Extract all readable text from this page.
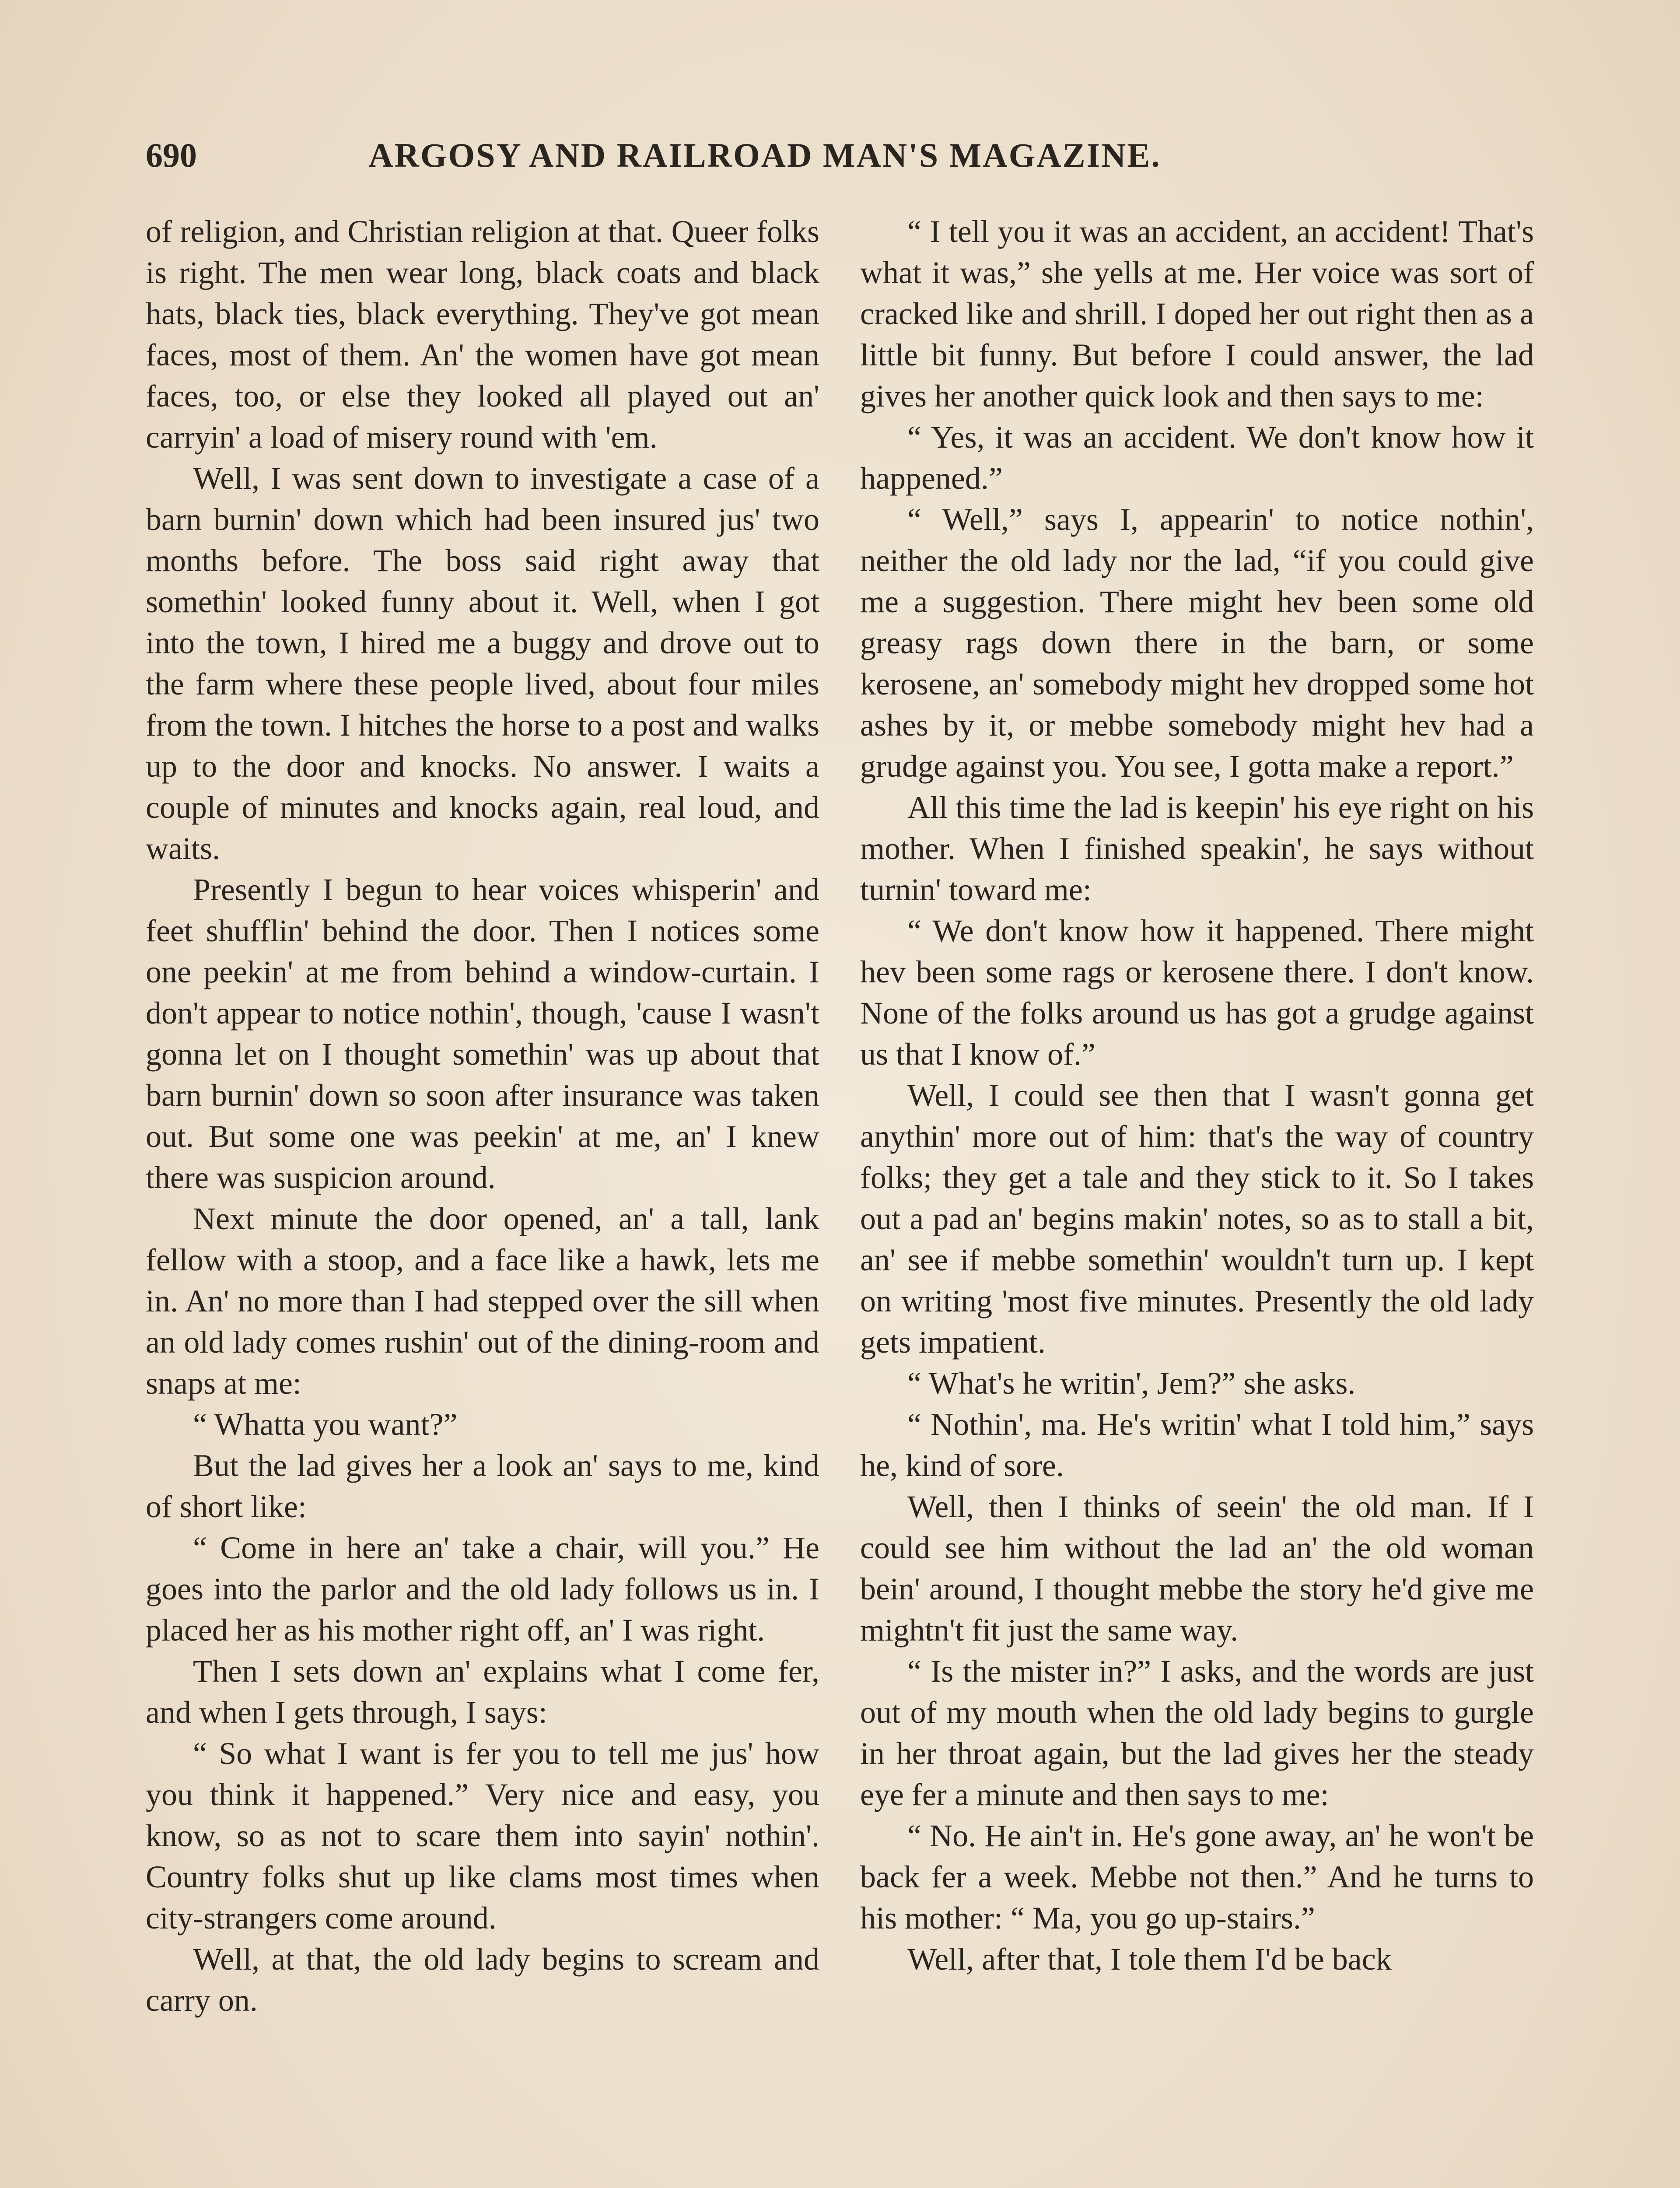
690	ARGOSY AND RAILROAD MAN'S MAGAZINE.

of religion, and Christian religion at that. Queer folks is right. The men wear long, black coats and black hats, black ties, black everything. They've got mean faces, most of them. An' the women have got mean faces, too, or else they looked all played out an' carryin' a load of misery round with 'em.

Well, I was sent down to investigate a case of a barn burnin' down which had been insured jus' two months before. The boss said right away that somethin' looked funny about it. Well, when I got into the town, I hired me a buggy and drove out to the farm where these people lived, about four miles from the town. I hitches the horse to a post and walks up to the door and knocks. No answer. I waits a couple of minutes and knocks again, real loud, and waits.

Presently I begun to hear voices whisperin' and feet shufflin' behind the door. Then I notices some one peekin' at me from behind a window-curtain. I don't appear to notice nothin', though, 'cause I wasn't gonna let on I thought somethin' was up about that barn burnin' down so soon after insurance was taken out. But some one was peekin' at me, an' I knew there was suspicion around.

Next minute the door opened, an' a tall, lank fellow with a stoop, and a face like a hawk, lets me in. An' no more than I had stepped over the sill when an old lady comes rushin' out of the dining-room and snaps at me:

“ Whatta you want?”

But the lad gives her a look an' says to me, kind of short like:

“ Come in here an' take a chair, will you.” He goes into the parlor and the old lady follows us in. I placed her as his mother right off, an' I was right.

Then I sets down an' explains what I come fer, and when I gets through, I says:

“ So what I want is fer you to tell me jus' how you think it happened.” Very nice and easy, you know, so as not to scare them into sayin' nothin'. Country folks shut up like clams most times when city-strangers come around.

Well, at that, the old lady begins to scream and carry on.

“ I tell you it was an accident, an accident! That's what it was,” she yells at me. Her voice was sort of cracked like and shrill. I doped her out right then as a little bit funny. But before I could answer, the lad gives her another quick look and then says to me:

“ Yes, it was an accident. We don't know how it happened.”

“ Well,” says I, appearin' to notice nothin', neither the old lady nor the lad, “if you could give me a suggestion. There might hev been some old greasy rags down there in the barn, or some kerosene, an' somebody might hev dropped some hot ashes by it, or mebbe somebody might hev had a grudge against you. You see, I gotta make a report.”

All this time the lad is keepin' his eye right on his mother. When I finished speakin', he says without turnin' toward me:

“ We don't know how it happened. There might hev been some rags or kerosene there. I don't know. None of the folks around us has got a grudge against us that I know of.”

Well, I could see then that I wasn't gonna get anythin' more out of him: that's the way of country folks; they get a tale and they stick to it. So I takes out a pad an' begins makin' notes, so as to stall a bit, an' see if mebbe somethin' wouldn't turn up. I kept on writing 'most five minutes. Presently the old lady gets impatient.

“ What's he writin', Jem?” she asks.

“ Nothin', ma. He's writin' what I told him,” says he, kind of sore.

Well, then I thinks of seein' the old man. If I could see him without the lad an' the old woman bein' around, I thought mebbe the story he'd give me mightn't fit just the same way.

“ Is the mister in?” I asks, and the words are just out of my mouth when the old lady begins to gurgle in her throat again, but the lad gives her the steady eye fer a minute and then says to me:

“ No. He ain't in. He's gone away, an' he won't be back fer a week. Mebbe not then.” And he turns to his mother: “ Ma, you go up-stairs.”

Well, after that, I tole them I'd be back
